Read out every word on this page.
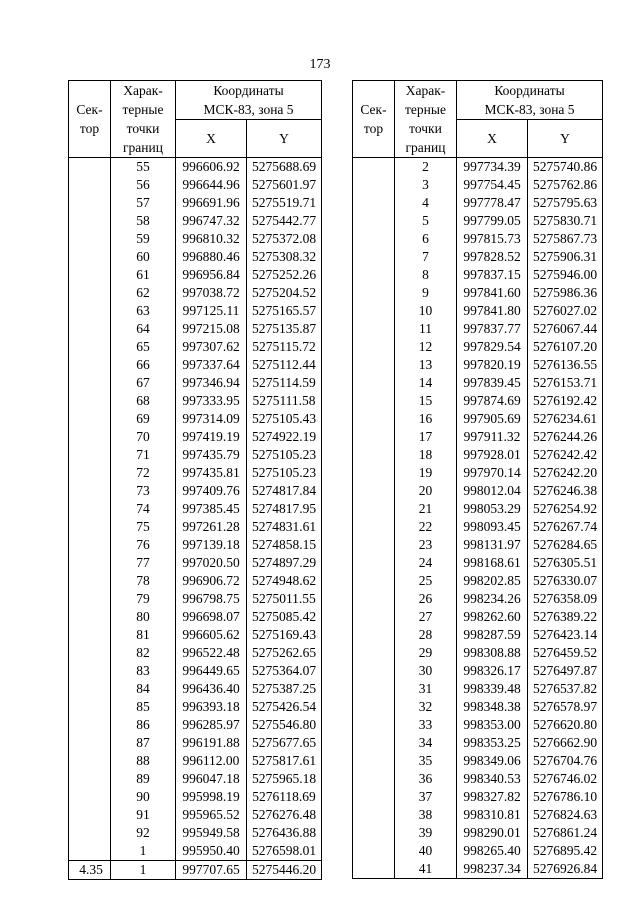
173
Сек-
тор	Харак-
терные
точки
границ	Координаты
МСК-83, зона 5	

		X	Y
	55	996606.92	5275688.69
	56	996644.96	5275601.97
	57	996691.96	5275519.71
	58	996747.32	5275442.77
	59	996810.32	5275372.08
	60	996880.46	5275308.32
	61	996956.84	5275252.26
	62	997038.72	5275204.52
	63	997125.11	5275165.57
	64	997215.08	5275135.87
	65	997307.62	5275115.72
	66	997337.64	5275112.44
	67	997346.94	5275114.59
	68	997333.95	5275111.58
	69	997314.09	5275105.43
	70	997419.19	5274922.19
	71	997435.79	5275105.23
	72	997435.81	5275105.23
	73	997409.76	5274817.84
	74	997385.45	5274817.95
	75	997261.28	5274831.61
	76	997139.18	5274858.15
	77	997020.50	5274897.29
	78	996906.72	5274948.62
	79	996798.75	5275011.55
	80	996698.07	5275085.42
	81	996605.62	5275169.43
	82	996522.48	5275262.65
	83	996449.65	5275364.07
	84	996436.40	5275387.25
	85	996393.18	5275426.54
	86	996285.97	5275546.80
	87	996191.88	5275677.65
	88	996112.00	5275817.61
	89	996047.18	5275965.18
	90	995998.19	5276118.69
	91	995965.52	5276276.48
	92	995949.58	5276436.88
	1	995950.40	5276598.01
4.35	1	997707.65	5275446.20
Сек-
тор	Харак-
терные
точки
границ	Координаты
МСК-83, зона 5	

		X	Y
	2	997734.39	5275740.86
	3	997754.45	5275762.86
	4	997778.47	5275795.63
	5	997799.05	5275830.71
	6	997815.73	5275867.73
	7	997828.52	5275906.31
	8	997837.15	5275946.00
	9	997841.60	5275986.36
	10	997841.80	5276027.02
	11	997837.77	5276067.44
	12	997829.54	5276107.20
	13	997820.19	5276136.55
	14	997839.45	5276153.71
	15	997874.69	5276192.42
	16	997905.69	5276234.61
	17	997911.32	5276244.26
	18	997928.01	5276242.42
	19	997970.14	5276242.20
	20	998012.04	5276246.38
	21	998053.29	5276254.92
	22	998093.45	5276267.74
	23	998131.97	5276284.65
	24	998168.61	5276305.51
	25	998202.85	5276330.07
	26	998234.26	5276358.09
	27	998262.60	5276389.22
	28	998287.59	5276423.14
	29	998308.88	5276459.52
	30	998326.17	5276497.87
	31	998339.48	5276537.82
	32	998348.38	5276578.97
	33	998353.00	5276620.80
	34	998353.25	5276662.90
	35	998349.06	5276704.76
	36	998340.53	5276746.02
	37	998327.82	5276786.10
	38	998310.81	5276824.63
	39	998290.01	5276861.24
	40	998265.40	5276895.42
	41	998237.34	5276926.84
